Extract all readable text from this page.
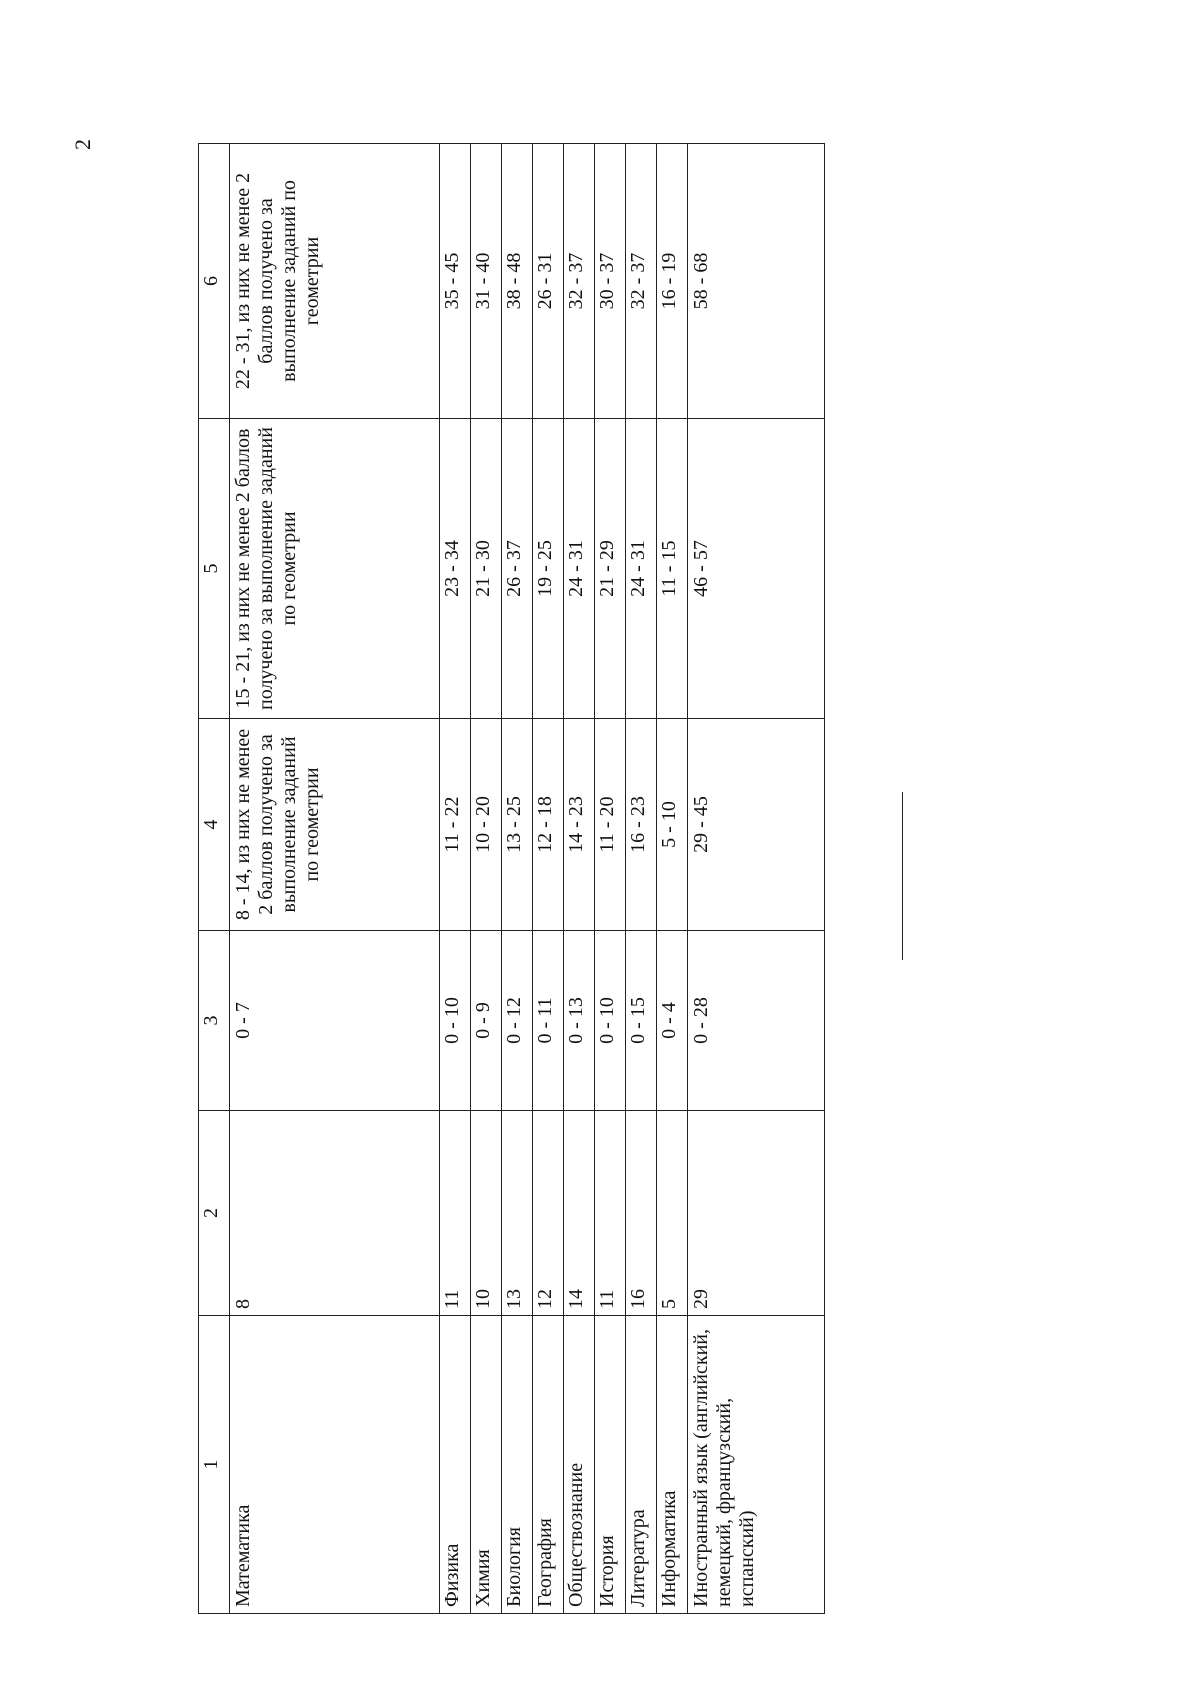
2
1	2	3	4	5	6
Математика	8	0 - 7	8 - 14, из них не менее 2 баллов получено за выполнение заданий по геометрии	15 - 21, из них не менее 2 баллов получено за выполнение заданий по геометрии	22 - 31, из них не менее 2 баллов получено за выполнение заданий по геометрии
Физика	11	0 - 10	11 - 22	23 - 34	35 - 45
Химия	10	0 - 9	10 - 20	21 - 30	31 - 40
Биология	13	0 - 12	13 - 25	26 - 37	38 - 48
География	12	0 - 11	12 - 18	19 - 25	26 - 31
Обществознание	14	0 - 13	14 - 23	24 - 31	32 - 37
История	11	0 - 10	11 - 20	21 - 29	30 - 37
Литература	16	0 - 15	16 - 23	24 - 31	32 - 37
Информатика	5	0 - 4	5 - 10	11 - 15	16 - 19
Иностранный язык (английский, немецкий, французский, испанский)	29	0 - 28	29 - 45	46 - 57	58 - 68
